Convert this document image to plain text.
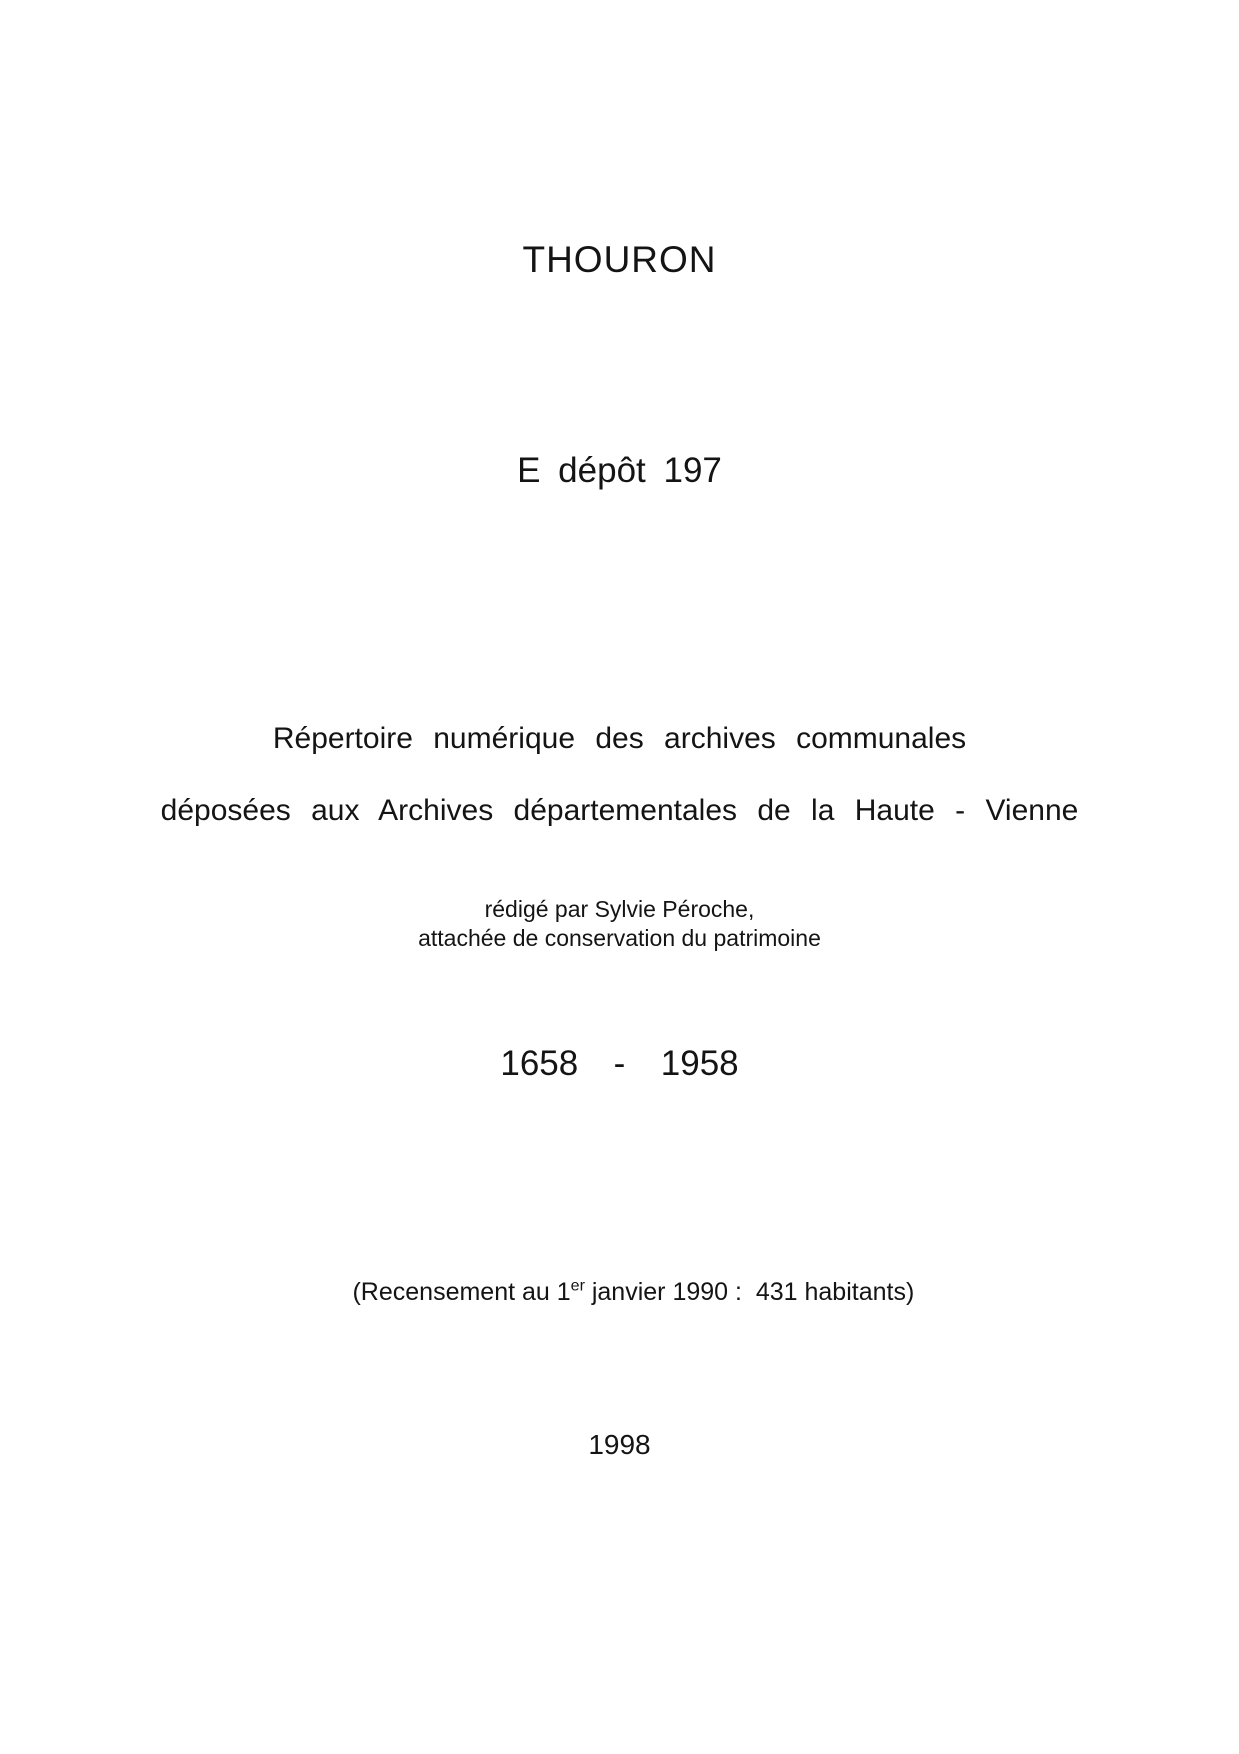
THOURON
E dépôt 197
Répertoire numérique des archives communales
déposées aux Archives départementales de la Haute - Vienne
rédigé par Sylvie Péroche,
attachée de conservation du patrimoine
1658  -  1958

(Recensement au 1er janvier 1990 :  431 habitants)

1998
